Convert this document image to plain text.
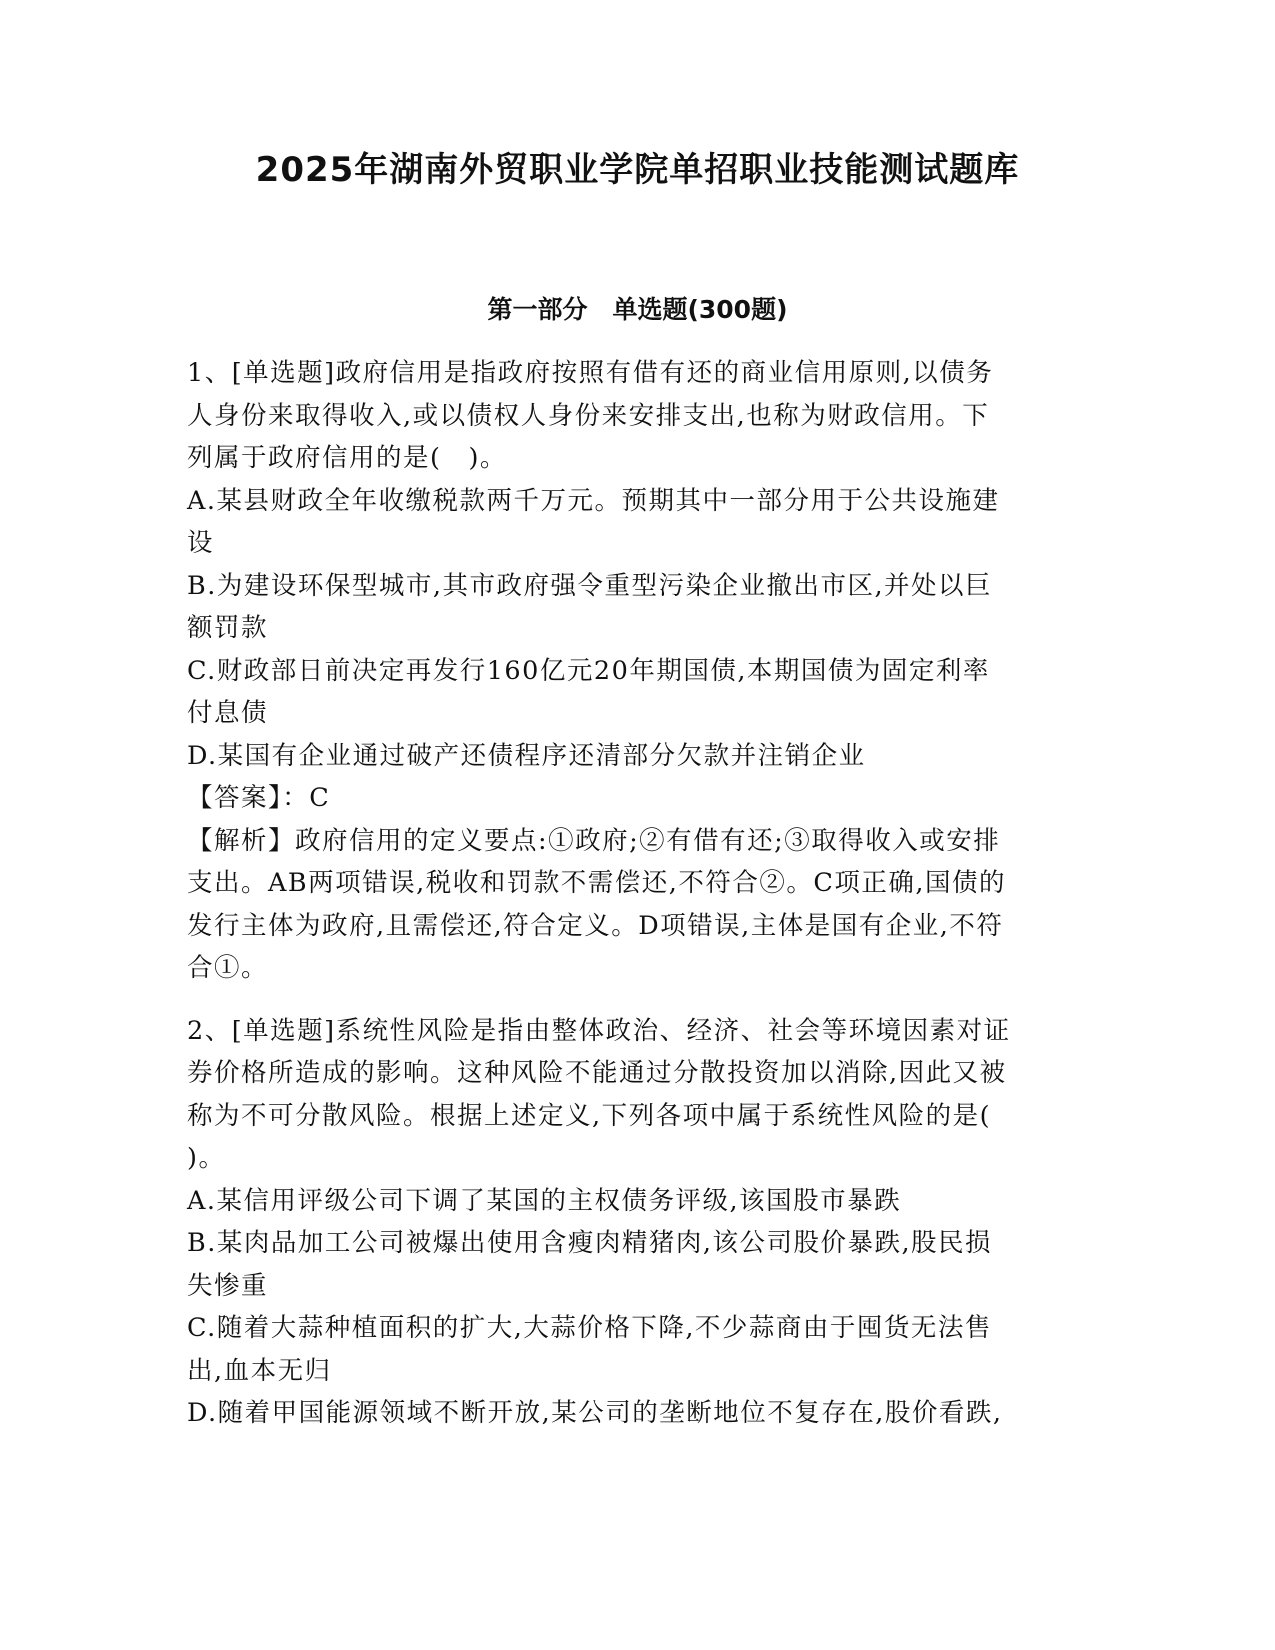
2025年湖南外贸职业学院单招职业技能测试题库
第一部分　单选题(300题)
1、[单选题]政府信用是指政府按照有借有还的商业信用原则,以债务
人身份来取得收入,或以债权人身份来安排支出,也称为财政信用。下
列属于政府信用的是(　)。
A.某县财政全年收缴税款两千万元。预期其中一部分用于公共设施建
设
B.为建设环保型城市,其市政府强令重型污染企业撤出市区,并处以巨
额罚款
C.财政部日前决定再发行160亿元20年期国债,本期国债为固定利率
付息债
D.某国有企业通过破产还债程序还清部分欠款并注销企业
【答案】：C
【解析】政府信用的定义要点:①政府;②有借有还;③取得收入或安排
支出。AB两项错误,税收和罚款不需偿还,不符合②。C项正确,国债的
发行主体为政府,且需偿还,符合定义。D项错误,主体是国有企业,不符
合①。
2、[单选题]系统性风险是指由整体政治、经济、社会等环境因素对证
券价格所造成的影响。这种风险不能通过分散投资加以消除,因此又被
称为不可分散风险。根据上述定义,下列各项中属于系统性风险的是(
)。
A.某信用评级公司下调了某国的主权债务评级,该国股市暴跌
B.某肉品加工公司被爆出使用含瘦肉精猪肉,该公司股价暴跌,股民损
失惨重
C.随着大蒜种植面积的扩大,大蒜价格下降,不少蒜商由于囤货无法售
出,血本无归
D.随着甲国能源领域不断开放,某公司的垄断地位不复存在,股价看跌,
